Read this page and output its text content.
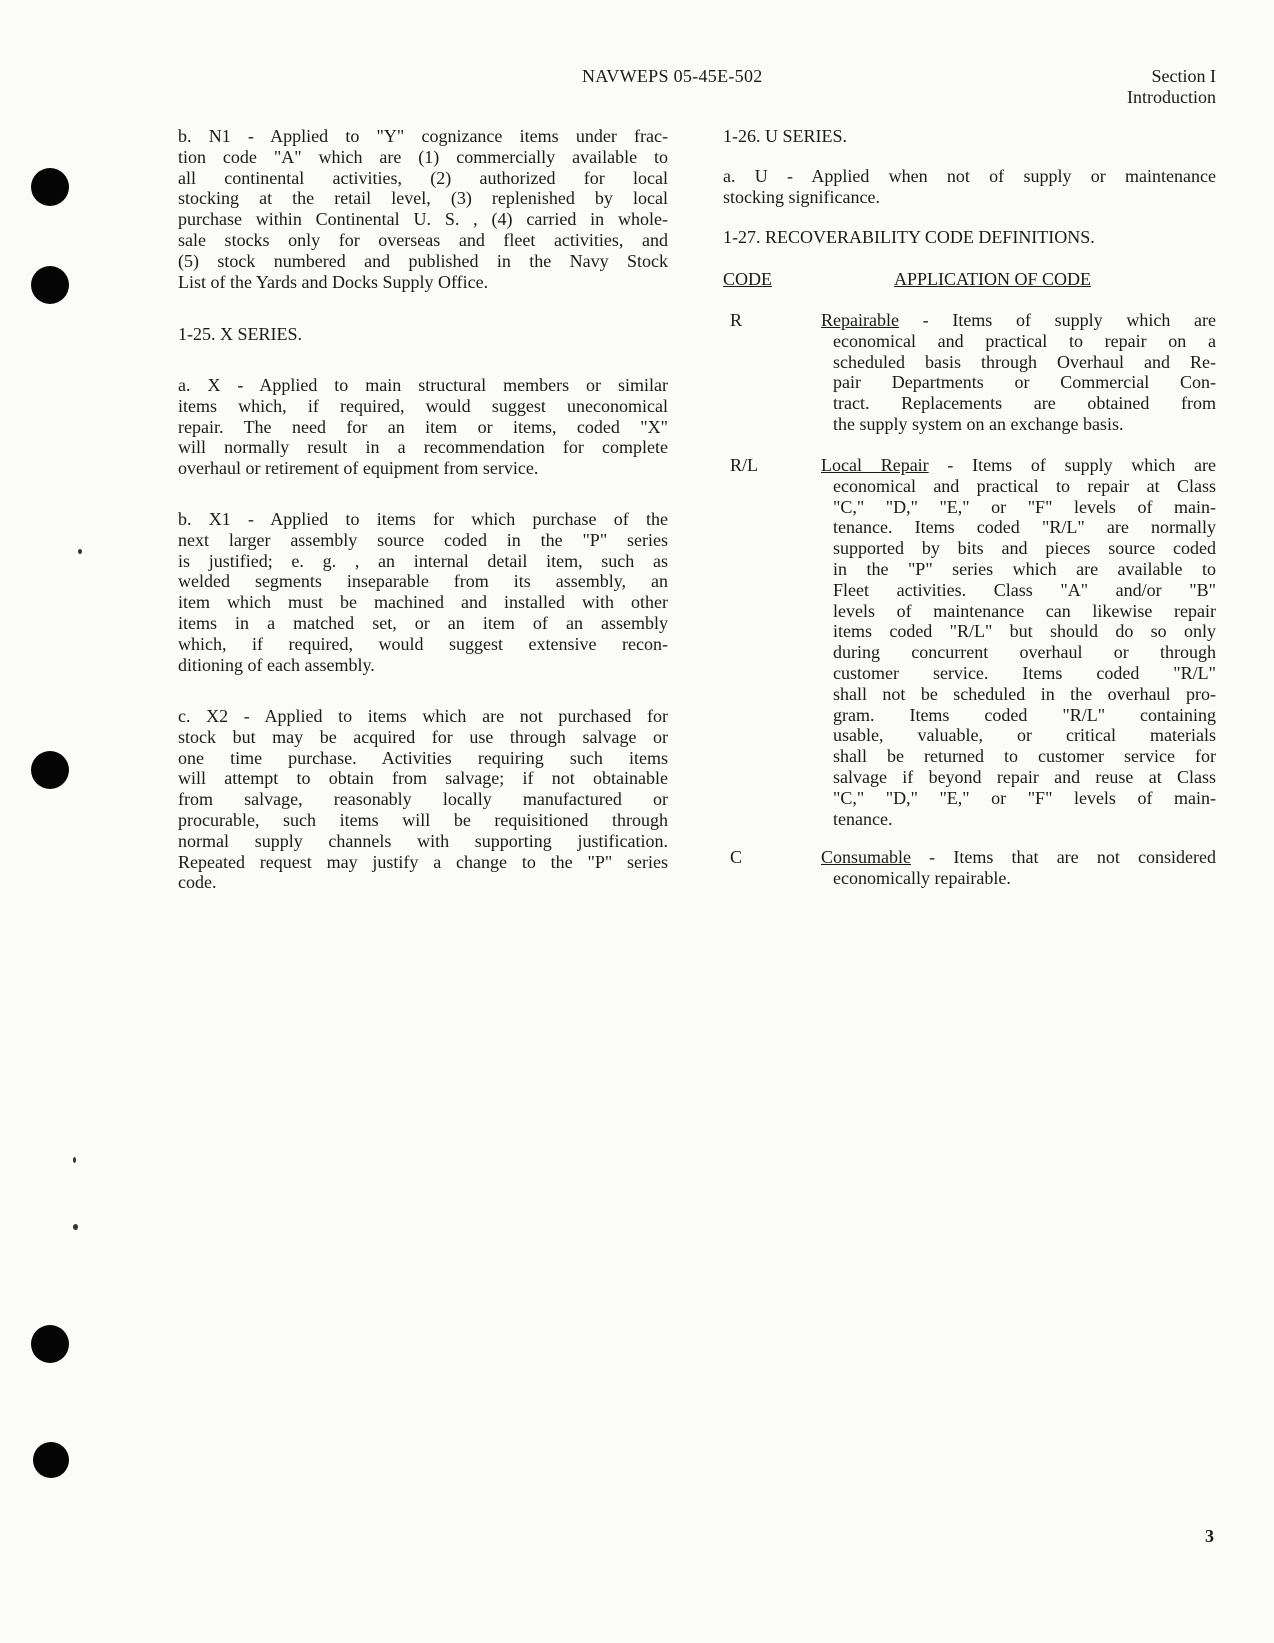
NAVWEPS 05-45E-502	Section I
Introduction
b. N1 - Applied to "Y" cognizance items under frac-
tion code "A" which are (1) commercially available to
all continental activities, (2) authorized for local
stocking at the retail level, (3) replenished by local
purchase within Continental U. S. , (4) carried in whole-
sale stocks only for overseas and fleet activities, and
(5) stock numbered and published in the Navy Stock
List of the Yards and Docks Supply Office.
1-25. X SERIES.
a. X - Applied to main structural members or similar
items which, if required, would suggest uneconomical
repair. The need for an item or items, coded "X"
will normally result in a recommendation for complete
overhaul or retirement of equipment from service.
b. X1 - Applied to items for which purchase of the
next larger assembly source coded in the "P" series
is justified; e. g. , an internal detail item, such as
welded segments inseparable from its assembly, an
item which must be machined and installed with other
items in a matched set, or an item of an assembly
which, if required, would suggest extensive recon-
ditioning of each assembly.
c. X2 - Applied to items which are not purchased for
stock but may be acquired for use through salvage or
one time purchase. Activities requiring such items
will attempt to obtain from salvage; if not obtainable
from salvage, reasonably locally manufactured or
procurable, such items will be requisitioned through
normal supply channels with supporting justification.
Repeated request may justify a change to the "P" series
code.
1-26. U SERIES.
a. U - Applied when not of supply or maintenance
stocking significance.
1-27. RECOVERABILITY CODE DEFINITIONS.
CODE	APPLICATION OF CODE
R	Repairable - Items of supply which are
economical and practical to repair on a
scheduled basis through Overhaul and Re-
pair Departments or Commercial Con-
tract. Replacements are obtained from
the supply system on an exchange basis.
R/L	Local Repair - Items of supply which are
economical and practical to repair at Class
"C," "D," "E," or "F" levels of main-
tenance. Items coded "R/L" are normally
supported by bits and pieces source coded
in the "P" series which are available to
Fleet activities. Class "A" and/or "B"
levels of maintenance can likewise repair
items coded "R/L" but should do so only
during concurrent overhaul or through
customer service. Items coded "R/L"
shall not be scheduled in the overhaul pro-
gram. Items coded "R/L" containing
usable, valuable, or critical materials
shall be returned to customer service for
salvage if beyond repair and reuse at Class
"C," "D," "E," or "F" levels of main-
tenance.
C	Consumable - Items that are not considered
economically repairable.
3
